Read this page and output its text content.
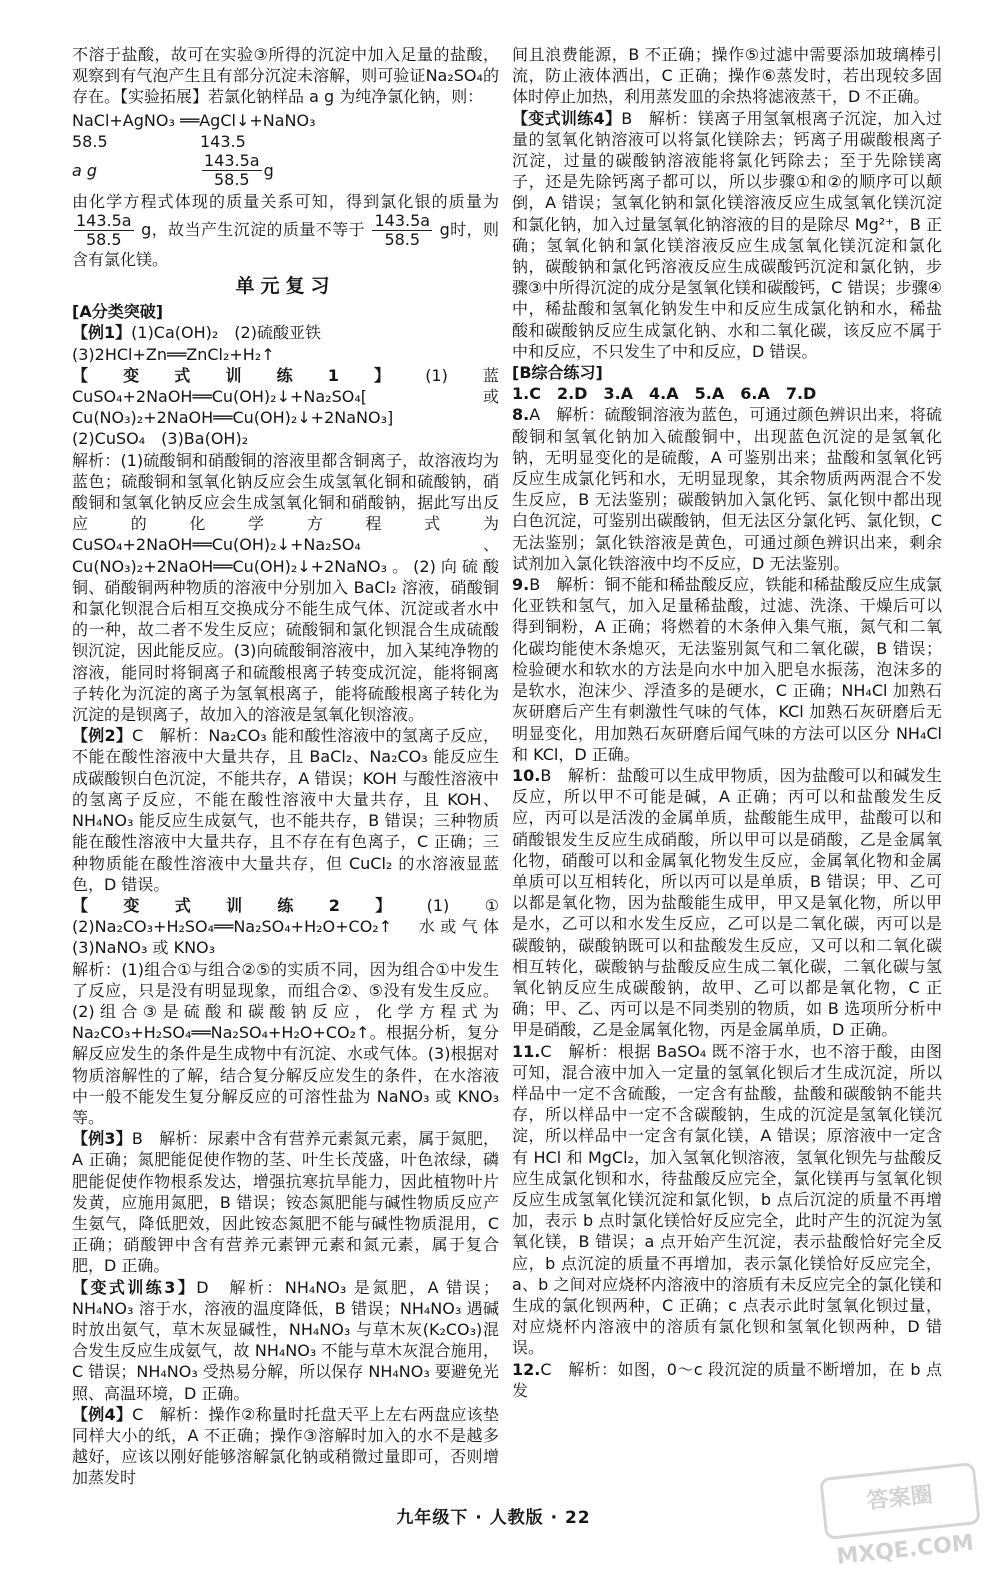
不溶于盐酸，故可在实验③所得的沉淀中加入足量的盐酸，观察到有气泡产生且有部分沉淀未溶解，则可验证Na₂SO₄的存在。【实验拓展】若氯化钠样品 a g 为纯净氯化钠，则：

NaCl+AgNO₃ ══AgCl↓+NaNO₃
58.5	143.5
a g	$\frac{143.5a}{58.5}$ g

由化学方程式体现的质量关系可知，得到氯化银的质量为
$\frac{143.5a}{58.5}$ g，故当产生沉淀的质量不等于 $\frac{143.5a}{58.5}$ g时，则含有氯化镁。

单元复习
[A分类突破]

【例1】(1)Ca(OH)₂　(2)硫酸亚铁

(3)2HCl+Zn══ZnCl₂+H₂↑

【变式训练1】(1)蓝　CuSO₄+2NaOH══Cu(OH)₂↓+Na₂SO₄[或Cu(NO₃)₂+2NaOH══Cu(OH)₂↓+2NaNO₃]

(2)CuSO₄　(3)Ba(OH)₂

解析：(1)硫酸铜和硝酸铜的溶液里都含铜离子，故溶液均为蓝色；硫酸铜和氢氧化钠反应会生成氢氧化铜和硫酸钠，硝酸铜和氢氧化钠反应会生成氢氧化铜和硝酸钠，据此写出反应的化学方程式为 CuSO₄+2NaOH══Cu(OH)₂↓+Na₂SO₄、Cu(NO₃)₂+2NaOH══Cu(OH)₂↓+2NaNO₃。(2)向硫酸铜、硝酸铜两种物质的溶液中分别加入 BaCl₂ 溶液，硝酸铜和氯化钡混合后相互交换成分不能生成气体、沉淀或者水中的一种，故二者不发生反应；硫酸铜和氯化钡混合生成硫酸钡沉淀，因此能反应。(3)向硫酸铜溶液中，加入某纯净物的溶液，能同时将铜离子和硫酸根离子转变成沉淀，能将铜离子转化为沉淀的离子为氢氧根离子，能将硫酸根离子转化为沉淀的是钡离子，故加入的溶液是氢氧化钡溶液。

【例2】C　解析：Na₂CO₃ 能和酸性溶液中的氢离子反应，不能在酸性溶液中大量共存，且 BaCl₂、Na₂CO₃ 能反应生成碳酸钡白色沉淀，不能共存，A 错误；KOH 与酸性溶液中的氢离子反应，不能在酸性溶液中大量共存，且 KOH、NH₄NO₃ 能反应生成氨气，也不能共存，B 错误；三种物质能在酸性溶液中大量共存，且不存在有色离子，C 正确；三种物质能在酸性溶液中大量共存，但 CuCl₂ 的水溶液显蓝色，D 错误。

【变式训练2】(1)①　(2)Na₂CO₃+H₂SO₄══Na₂SO₄+H₂O+CO₂↑　水或气体　(3)NaNO₃ 或 KNO₃

解析：(1)组合①与组合②⑤的实质不同，因为组合①中发生了反应，只是没有明显现象，而组合②、⑤没有发生反应。(2)组合③是硫酸和碳酸钠反应，化学方程式为 Na₂CO₃+H₂SO₄══Na₂SO₄+H₂O+CO₂↑。根据分析，复分解反应发生的条件是生成物中有沉淀、水或气体。(3)根据对物质溶解性的了解，结合复分解反应发生的条件，在水溶液中一般不能发生复分解反应的可溶性盐为 NaNO₃ 或 KNO₃ 等。

【例3】B　解析：尿素中含有营养元素氮元素，属于氮肥，A 正确；氮肥能促使作物的茎、叶生长茂盛，叶色浓绿，磷肥能促使作物根系发达，增强抗寒抗旱能力，因此植物叶片发黄，应施用氮肥，B 错误；铵态氮肥能与碱性物质反应产生氨气，降低肥效，因此铵态氮肥不能与碱性物质混用，C 正确；硝酸钾中含有营养元素钾元素和氮元素，属于复合肥，D 正确。

【变式训练3】D　解析：NH₄NO₃ 是氮肥，A 错误；NH₄NO₃ 溶于水，溶液的温度降低，B 错误；NH₄NO₃ 遇碱时放出氨气，草木灰显碱性，NH₄NO₃ 与草木灰(K₂CO₃)混合发生反应生成氨气，故 NH₄NO₃ 不能与草木灰混合施用，C 错误；NH₄NO₃ 受热易分解，所以保存 NH₄NO₃ 要避免光照、高温环境，D 正确。

【例4】C　解析：操作②称量时托盘天平上左右两盘应该垫同样大小的纸，A 不正确；操作③溶解时加入的水不是越多越好，应该以刚好能够溶解氯化钠或稍微过量即可，否则增加蒸发时

间且浪费能源，B 不正确；操作⑤过滤中需要添加玻璃棒引流，防止液体洒出，C 正确；操作⑥蒸发时，若出现较多固体时停止加热，利用蒸发皿的余热将滤液蒸干，D 不正确。

【变式训练4】B　解析：镁离子用氢氧根离子沉淀，加入过量的氢氧化钠溶液可以将氯化镁除去；钙离子用碳酸根离子沉淀，过量的碳酸钠溶液能将氯化钙除去；至于先除镁离子，还是先除钙离子都可以，所以步骤①和②的顺序可以颠倒，A 错误；氢氧化钠和氯化镁溶液反应生成氢氧化镁沉淀和氯化钠，加入过量氢氧化钠溶液的目的是除尽 Mg²⁺，B 正确；氢氧化钠和氯化镁溶液反应生成氢氧化镁沉淀和氯化钠，碳酸钠和氯化钙溶液反应生成碳酸钙沉淀和氯化钠，步骤③中所得沉淀的成分是氢氧化镁和碳酸钙，C 错误；步骤④中，稀盐酸和氢氧化钠发生中和反应生成氯化钠和水，稀盐酸和碳酸钠反应生成氯化钠、水和二氧化碳，该反应不属于中和反应，不只发生了中和反应，D 错误。

[B综合练习]

1.C　2.D　3.A　4.A　5.A　6.A　7.D

8.A　解析：硫酸铜溶液为蓝色，可通过颜色辨识出来，将硫酸铜和氢氧化钠加入硫酸铜中，出现蓝色沉淀的是氢氧化钠，无明显变化的是硫酸，A 可鉴别出来；盐酸和氢氧化钙反应生成氯化钙和水，无明显现象，其余物质两两混合不发生反应，B 无法鉴别；碳酸钠加入氯化钙、氯化钡中都出现白色沉淀，可鉴别出碳酸钠，但无法区分氯化钙、氯化钡，C 无法鉴别；氯化铁溶液是黄色，可通过颜色辨识出来，剩余试剂加入氯化铁溶液中均不反应，D 无法鉴别。

9.B　解析：铜不能和稀盐酸反应，铁能和稀盐酸反应生成氯化亚铁和氢气，加入足量稀盐酸，过滤、洗涤、干燥后可以得到铜粉，A 正确；将燃着的木条伸入集气瓶，氮气和二氧化碳均能使木条熄灭，无法鉴别氮气和二氧化碳，B 错误；检验硬水和软水的方法是向水中加入肥皂水振荡，泡沫多的是软水，泡沫少、浮渣多的是硬水，C 正确；NH₄Cl 加熟石灰研磨后产生有刺激性气味的气体，KCl 加熟石灰研磨后无明显变化，用加熟石灰研磨后闻气味的方法可以区分 NH₄Cl 和 KCl，D 正确。

10.B　解析：盐酸可以生成甲物质，因为盐酸可以和碱发生反应，所以甲不可能是碱，A 正确；丙可以和盐酸发生反应，丙可以是活泼的金属单质，盐酸能生成甲，盐酸可以和硝酸银发生反应生成硝酸，所以甲可以是硝酸，乙是金属氧化物，硝酸可以和金属氧化物发生反应，金属氧化物和金属单质可以互相转化，所以丙可以是单质，B 错误；甲、乙可以都是氧化物，因为盐酸能生成甲，甲又是氧化物，所以甲是水，乙可以和水发生反应，乙可以是二氧化碳，丙可以是碳酸钠，碳酸钠既可以和盐酸发生反应，又可以和二氧化碳相互转化，碳酸钠与盐酸反应生成二氧化碳，二氧化碳与氢氧化钠反应生成碳酸钠，故甲、乙可以都是氧化物，C 正确；甲、乙、丙可以是不同类别的物质，如 B 选项所分析中甲是硝酸，乙是金属氧化物，丙是金属单质，D 正确。

11.C　解析：根据 BaSO₄ 既不溶于水，也不溶于酸，由图可知，混合液中加入一定量的氢氧化钡后才生成沉淀，所以样品中一定不含硫酸，一定含有盐酸，盐酸和碳酸钠不能共存，所以样品中一定不含碳酸钠，生成的沉淀是氢氧化镁沉淀，所以样品中一定含有氯化镁，A 错误；原溶液中一定含有 HCl 和 MgCl₂，加入氢氧化钡溶液，氢氧化钡先与盐酸反应生成氯化钡和水，待盐酸反应完全，氯化镁再与氢氧化钡反应生成氢氧化镁沉淀和氯化钡，b 点后沉淀的质量不再增加，表示 b 点时氯化镁恰好反应完全，此时产生的沉淀为氢氧化镁，B 错误；a 点开始产生沉淀，表示盐酸恰好完全反应，b 点沉淀的质量不再增加，表示氯化镁恰好反应完全，a、b 之间对应烧杯内溶液中的溶质有未反应完全的氯化镁和生成的氯化钡两种，C 正确；c 点表示此时氢氧化钡过量，对应烧杯内溶液中的溶质有氯化钡和氢氧化钡两种，D 错误。

12.C　解析：如图，0～c 段沉淀的质量不断增加，在 b 点发

九年级下 · 人教版 · 22
答案圈 MXQE.COM
